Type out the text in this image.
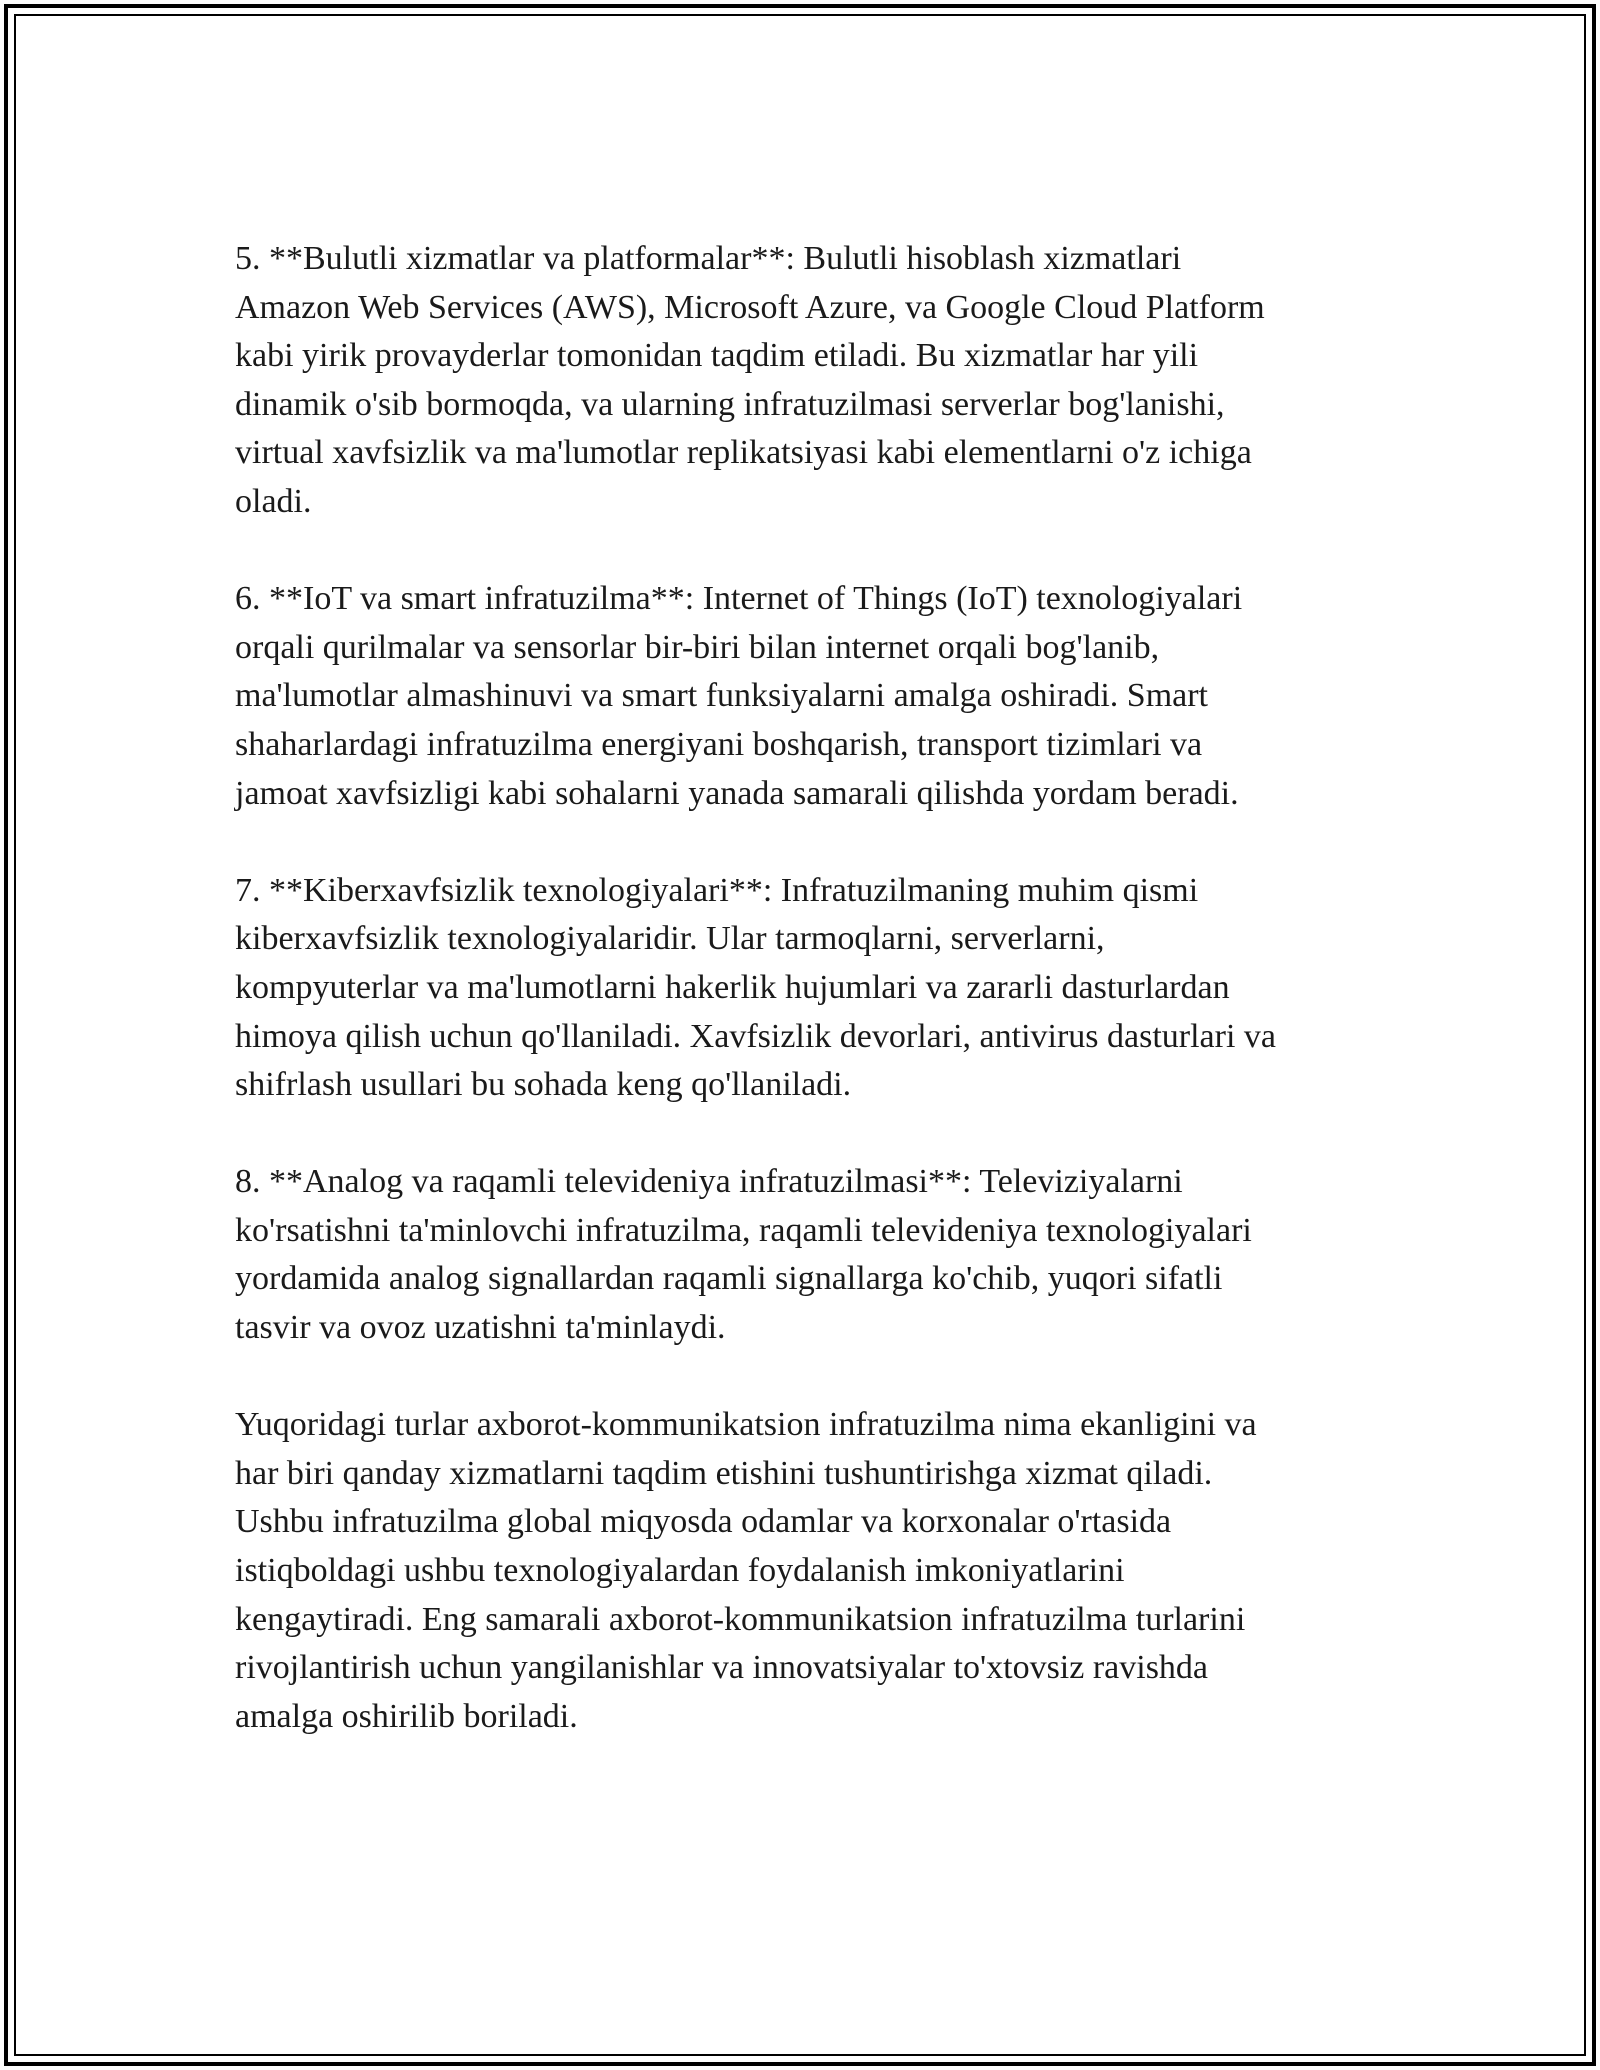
5. **Bulutli xizmatlar va platformalar**: Bulutli hisoblash xizmatlari
Amazon Web Services (AWS), Microsoft Azure, va Google Cloud Platform
kabi yirik provayderlar tomonidan taqdim etiladi. Bu xizmatlar har yili
dinamik o'sib bormoqda, va ularning infratuzilmasi serverlar bog'lanishi,
virtual xavfsizlik va ma'lumotlar replikatsiyasi kabi elementlarni o'z ichiga
oladi.

6. **IoT va smart infratuzilma**: Internet of Things (IoT) texnologiyalari
orqali qurilmalar va sensorlar bir-biri bilan internet orqali bog'lanib,
ma'lumotlar almashinuvi va smart funksiyalarni amalga oshiradi. Smart
shaharlardagi infratuzilma energiyani boshqarish, transport tizimlari va
jamoat xavfsizligi kabi sohalarni yanada samarali qilishda yordam beradi.

7. **Kiberxavfsizlik texnologiyalari**: Infratuzilmaning muhim qismi
kiberxavfsizlik texnologiyalaridir. Ular tarmoqlarni, serverlarni,
kompyuterlar va ma'lumotlarni hakerlik hujumlari va zararli dasturlardan
himoya qilish uchun qo'llaniladi. Xavfsizlik devorlari, antivirus dasturlari va
shifrlash usullari bu sohada keng qo'llaniladi.

8. **Analog va raqamli televideniya infratuzilmasi**: Televiziyalarni
ko'rsatishni ta'minlovchi infratuzilma, raqamli televideniya texnologiyalari
yordamida analog signallardan raqamli signallarga ko'chib, yuqori sifatli
tasvir va ovoz uzatishni ta'minlaydi.

Yuqoridagi turlar axborot-kommunikatsion infratuzilma nima ekanligini va
har biri qanday xizmatlarni taqdim etishini tushuntirishga xizmat qiladi.
Ushbu infratuzilma global miqyosda odamlar va korxonalar o'rtasida
istiqboldagi ushbu texnologiyalardan foydalanish imkoniyatlarini
kengaytiradi. Eng samarali axborot-kommunikatsion infratuzilma turlarini
rivojlantirish uchun yangilanishlar va innovatsiyalar to'xtovsiz ravishda
amalga oshirilib boriladi.
